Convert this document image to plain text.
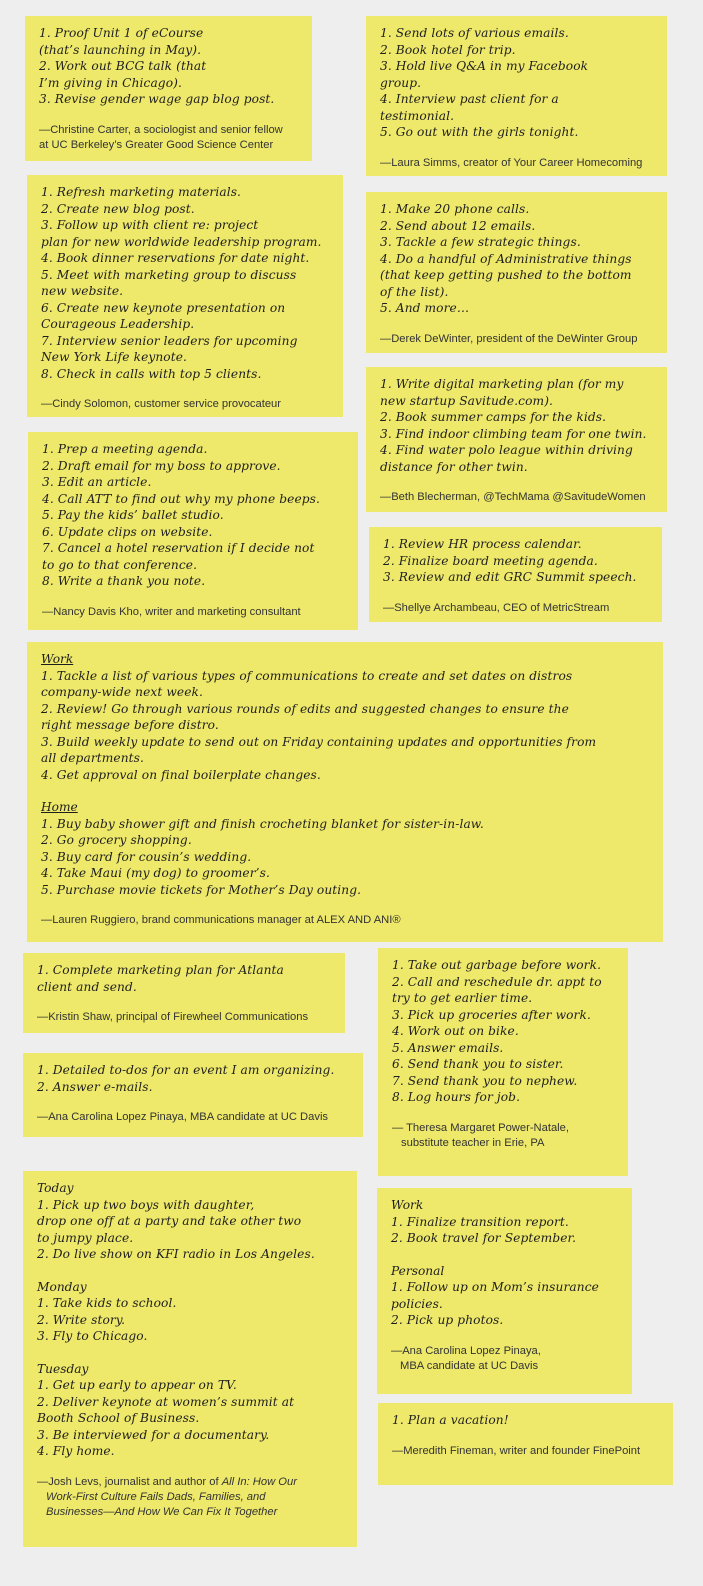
1. Proof Unit 1 of eCourse
(that’s launching in May).
2. Work out BCG talk (that
I’m giving in Chicago).
3. Revise gender wage gap blog post.
—Christine Carter, a sociologist and senior fellow
at UC Berkeley’s Greater Good Science Center
1. Send lots of various emails.
2. Book hotel for trip.
3. Hold live Q&A in my Facebook
group.
4. Interview past client for a
testimonial.
5. Go out with the girls tonight.
—Laura Simms, creator of Your Career Homecoming
1. Refresh marketing materials.
2. Create new blog post.
3. Follow up with client re: project
plan for new worldwide leadership program.
4. Book dinner reservations for date night.
5. Meet with marketing group to discuss
new website.
6. Create new keynote presentation on
Courageous Leadership.
7. Interview senior leaders for upcoming
New York Life keynote.
8. Check in calls with top 5 clients.
—Cindy Solomon, customer service provocateur
1. Make 20 phone calls.
2. Send about 12 emails.
3. Tackle a few strategic things.
4. Do a handful of Administrative things
(that keep getting pushed to the bottom
of the list).
5. And more…
—Derek DeWinter, president of the DeWinter Group
1. Write digital marketing plan (for my
new startup Savitude.com).
2. Book summer camps for the kids.
3. Find indoor climbing team for one twin.
4. Find water polo league within driving
distance for other twin.
—Beth Blecherman, @TechMama @SavitudeWomen
1. Prep a meeting agenda.
2. Draft email for my boss to approve.
3. Edit an article.
4. Call ATT to find out why my phone beeps.
5. Pay the kids’ ballet studio.
6. Update clips on website.
7. Cancel a hotel reservation if I decide not
to go to that conference.
8. Write a thank you note.
—Nancy Davis Kho, writer and marketing consultant
1. Review HR process calendar.
2. Finalize board meeting agenda.
3. Review and edit GRC Summit speech.
—Shellye Archambeau, CEO of MetricStream
Work
1. Tackle a list of various types of communications to create and set dates on distros
company-wide next week.
2. Review! Go through various rounds of edits and suggested changes to ensure the
right message before distro.
3. Build weekly update to send out on Friday containing updates and opportunities from
all departments.
4. Get approval on final boilerplate changes.
Home
1. Buy baby shower gift and finish crocheting blanket for sister-in-law.
2. Go grocery shopping.
3. Buy card for cousin’s wedding.
4. Take Maui (my dog) to groomer’s.
5. Purchase movie tickets for Mother’s Day outing.
—Lauren Ruggiero, brand communications manager at ALEX AND ANI®
1. Complete marketing plan for Atlanta
client and send.
—Kristin Shaw, principal of Firewheel Communications
1. Take out garbage before work.
2. Call and reschedule dr. appt to
try to get earlier time.
3. Pick up groceries after work.
4. Work out on bike.
5. Answer emails.
6. Send thank you to sister.
7. Send thank you to nephew.
8. Log hours for job.
— Theresa Margaret Power-Natale,
substitute teacher in Erie, PA
1. Detailed to-dos for an event I am organizing.
2. Answer e-mails.
—Ana Carolina Lopez Pinaya, MBA candidate at UC Davis
Today
1. Pick up two boys with daughter,
drop one off at a party and take other two
to jumpy place.
2. Do live show on KFI radio in Los Angeles.
Monday
1. Take kids to school.
2. Write story.
3. Fly to Chicago.
Tuesday
1. Get up early to appear on TV.
2. Deliver keynote at women’s summit at
Booth School of Business.
3. Be interviewed for a documentary.
4. Fly home.
—Josh Levs, journalist and author of All In: How Our
Work-First Culture Fails Dads, Families, and
Businesses—And How We Can Fix It Together
Work
1. Finalize transition report.
2. Book travel for September.
Personal
1. Follow up on Mom’s insurance
policies.
2. Pick up photos.
—Ana Carolina Lopez Pinaya,
MBA candidate at UC Davis
1. Plan a vacation!
—Meredith Fineman, writer and founder FinePoint
